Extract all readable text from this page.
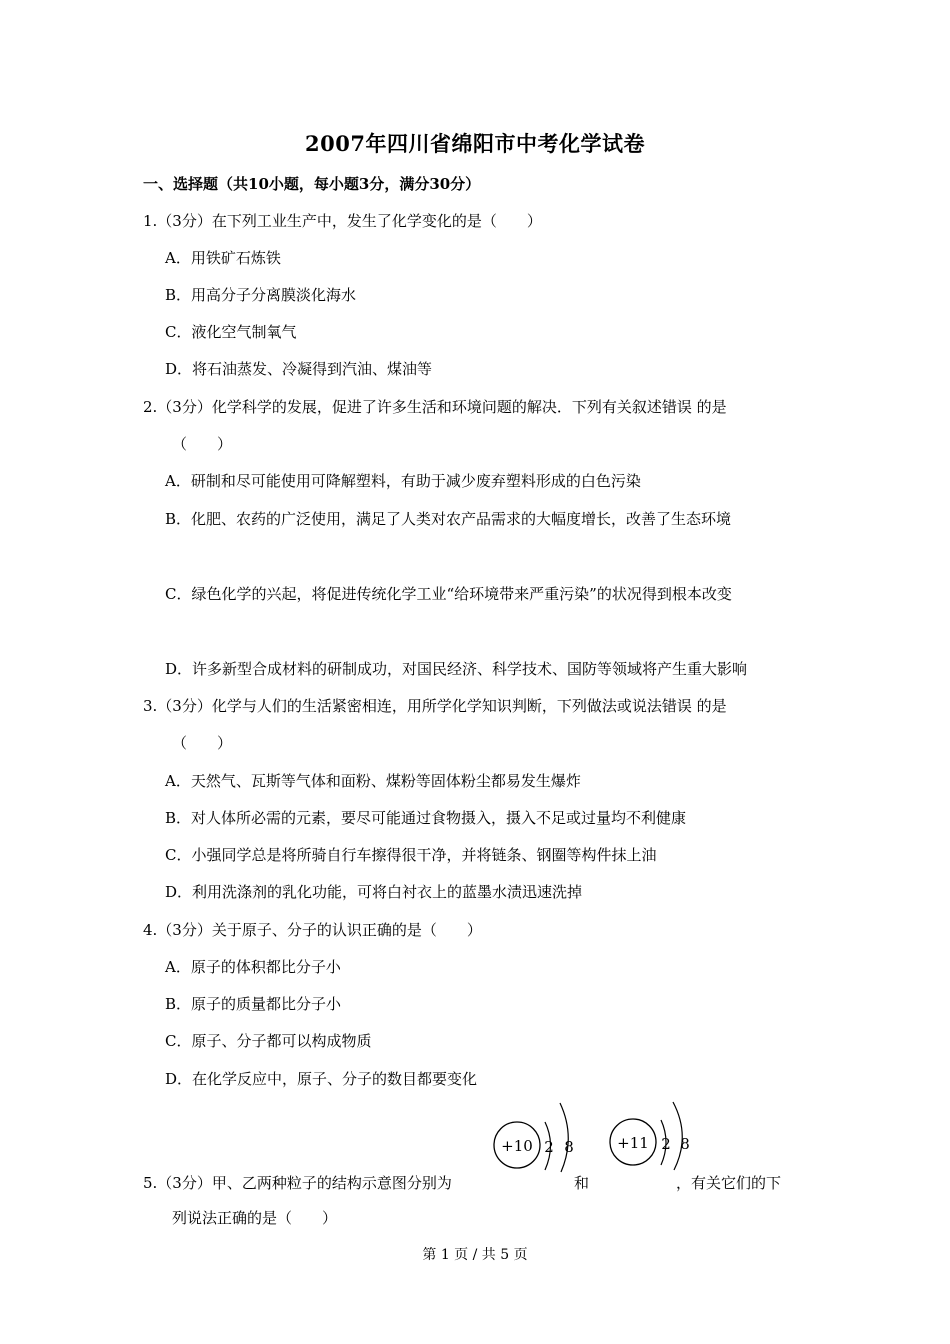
2007年四川省绵阳市中考化学试卷
一、选择题（共10小题，每小题3分，满分30分）
1.（3分）在下列工业生产中，发生了化学变化的是（　　）
A．用铁矿石炼铁
B．用高分子分离膜淡化海水
C．液化空气制氧气
D．将石油蒸发、冷凝得到汽油、煤油等
2.（3分）化学科学的发展，促进了许多生活和环境问题的解决．下列有关叙述错误 的是
（　　）
A．研制和尽可能使用可降解塑料，有助于减少废弃塑料形成的白色污染
B．化肥、农药的广泛使用，满足了人类对农产品需求的大幅度增长，改善了生态环境
C．绿色化学的兴起，将促进传统化学工业“给环境带来严重污染”的状况得到根本改变
D．许多新型合成材料的研制成功，对国民经济、科学技术、国防等领域将产生重大影响
3.（3分）化学与人们的生活紧密相连，用所学化学知识判断，下列做法或说法错误 的是
（　　）
A．天然气、瓦斯等气体和面粉、煤粉等固体粉尘都易发生爆炸
B．对人体所必需的元素，要尽可能通过食物摄入，摄入不足或过量均不利健康
C．小强同学总是将所骑自行车擦得很干净，并将链条、钢圈等构件抹上油
D．利用洗涤剂的乳化功能，可将白衬衣上的蓝墨水渍迅速洗掉
4.（3分）关于原子、分子的认识正确的是（　　）
A．原子的体积都比分子小
B．原子的质量都比分子小
C．原子、分子都可以构成物质
D．在化学反应中，原子、分子的数目都要变化
+10 2 8	+11 2 8
5.（3分）甲、乙两种粒子的结构示意图分别为	和	，有关它们的下
列说法正确的是（　　）
第 1 页 / 共 5 页
